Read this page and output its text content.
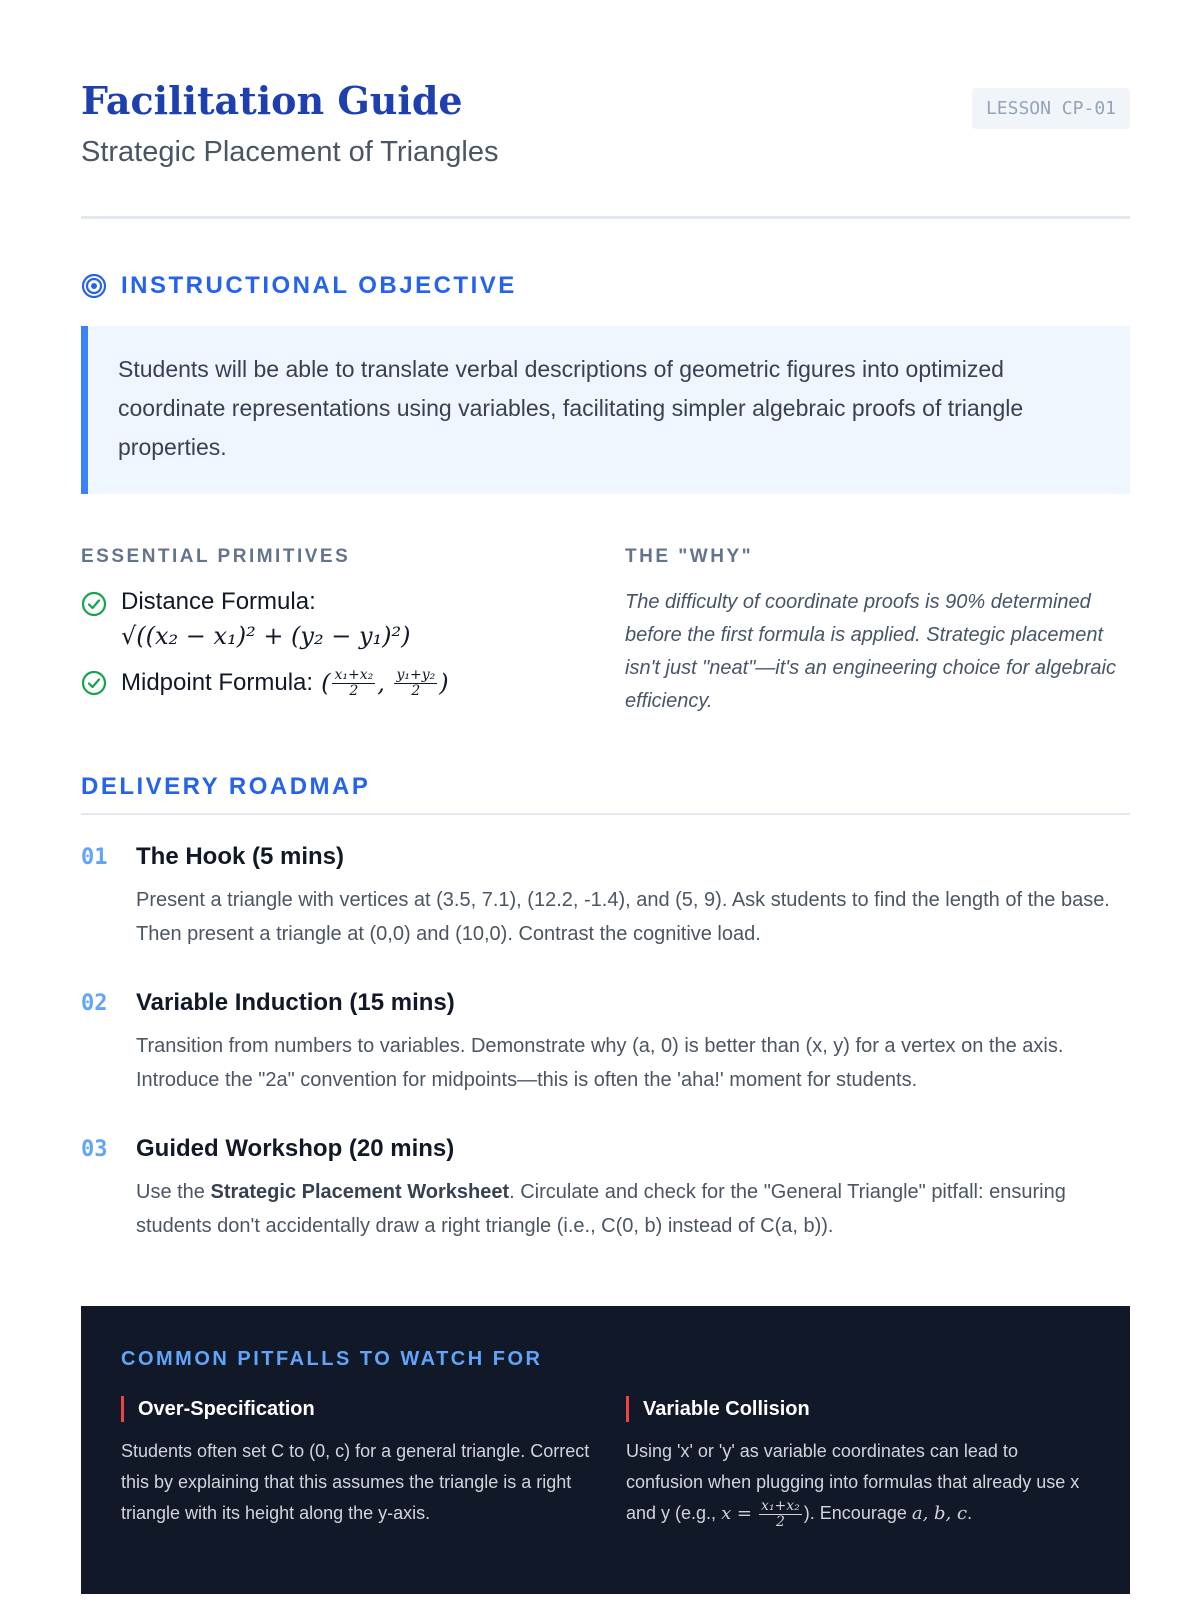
Facilitation Guide
Strategic Placement of Triangles
LESSON CP-01
INSTRUCTIONAL OBJECTIVE
Students will be able to translate verbal descriptions of geometric figures into optimized coordinate representations using variables, facilitating simpler algebraic proofs of triangle properties.
ESSENTIAL PRIMITIVES
Distance Formula:
√((x₂ − x₁)² + (y₂ − y₁)²)
Midpoint Formula: ( $\frac{\text{x₁+x₂}}{2}$ , $\frac{\text{y₁+y₂}}{2}$ )
THE "WHY"
The difficulty of coordinate proofs is 90% determined before the first formula is applied. Strategic placement isn't just "neat"—it's an engineering choice for algebraic efficiency.
DELIVERY ROADMAP
01 The Hook (5 mins)
Present a triangle with vertices at (3.5, 7.1), (12.2, -1.4), and (5, 9). Ask students to find the length of the base. Then present a triangle at (0,0) and (10,0). Contrast the cognitive load.
02 Variable Induction (15 mins)
Transition from numbers to variables. Demonstrate why (a, 0) is better than (x, y) for a vertex on the axis. Introduce the "2a" convention for midpoints—this is often the 'aha!' moment for students.
03 Guided Workshop (20 mins)
Use the Strategic Placement Worksheet. Circulate and check for the "General Triangle" pitfall: ensuring students don't accidentally draw a right triangle (i.e., C(0, b) instead of C(a, b)).
COMMON PITFALLS TO WATCH FOR
Over-Specification
Students often set C to (0, c) for a general triangle. Correct this by explaining that this assumes the triangle is a right triangle with its height along the y-axis.
Variable Collision
Using 'x' or 'y' as variable coordinates can lead to confusion when plugging into formulas that already use x and y (e.g., $x = \frac{\text{x₁+x₂}}{2}$ ). Encourage a, b, c.
